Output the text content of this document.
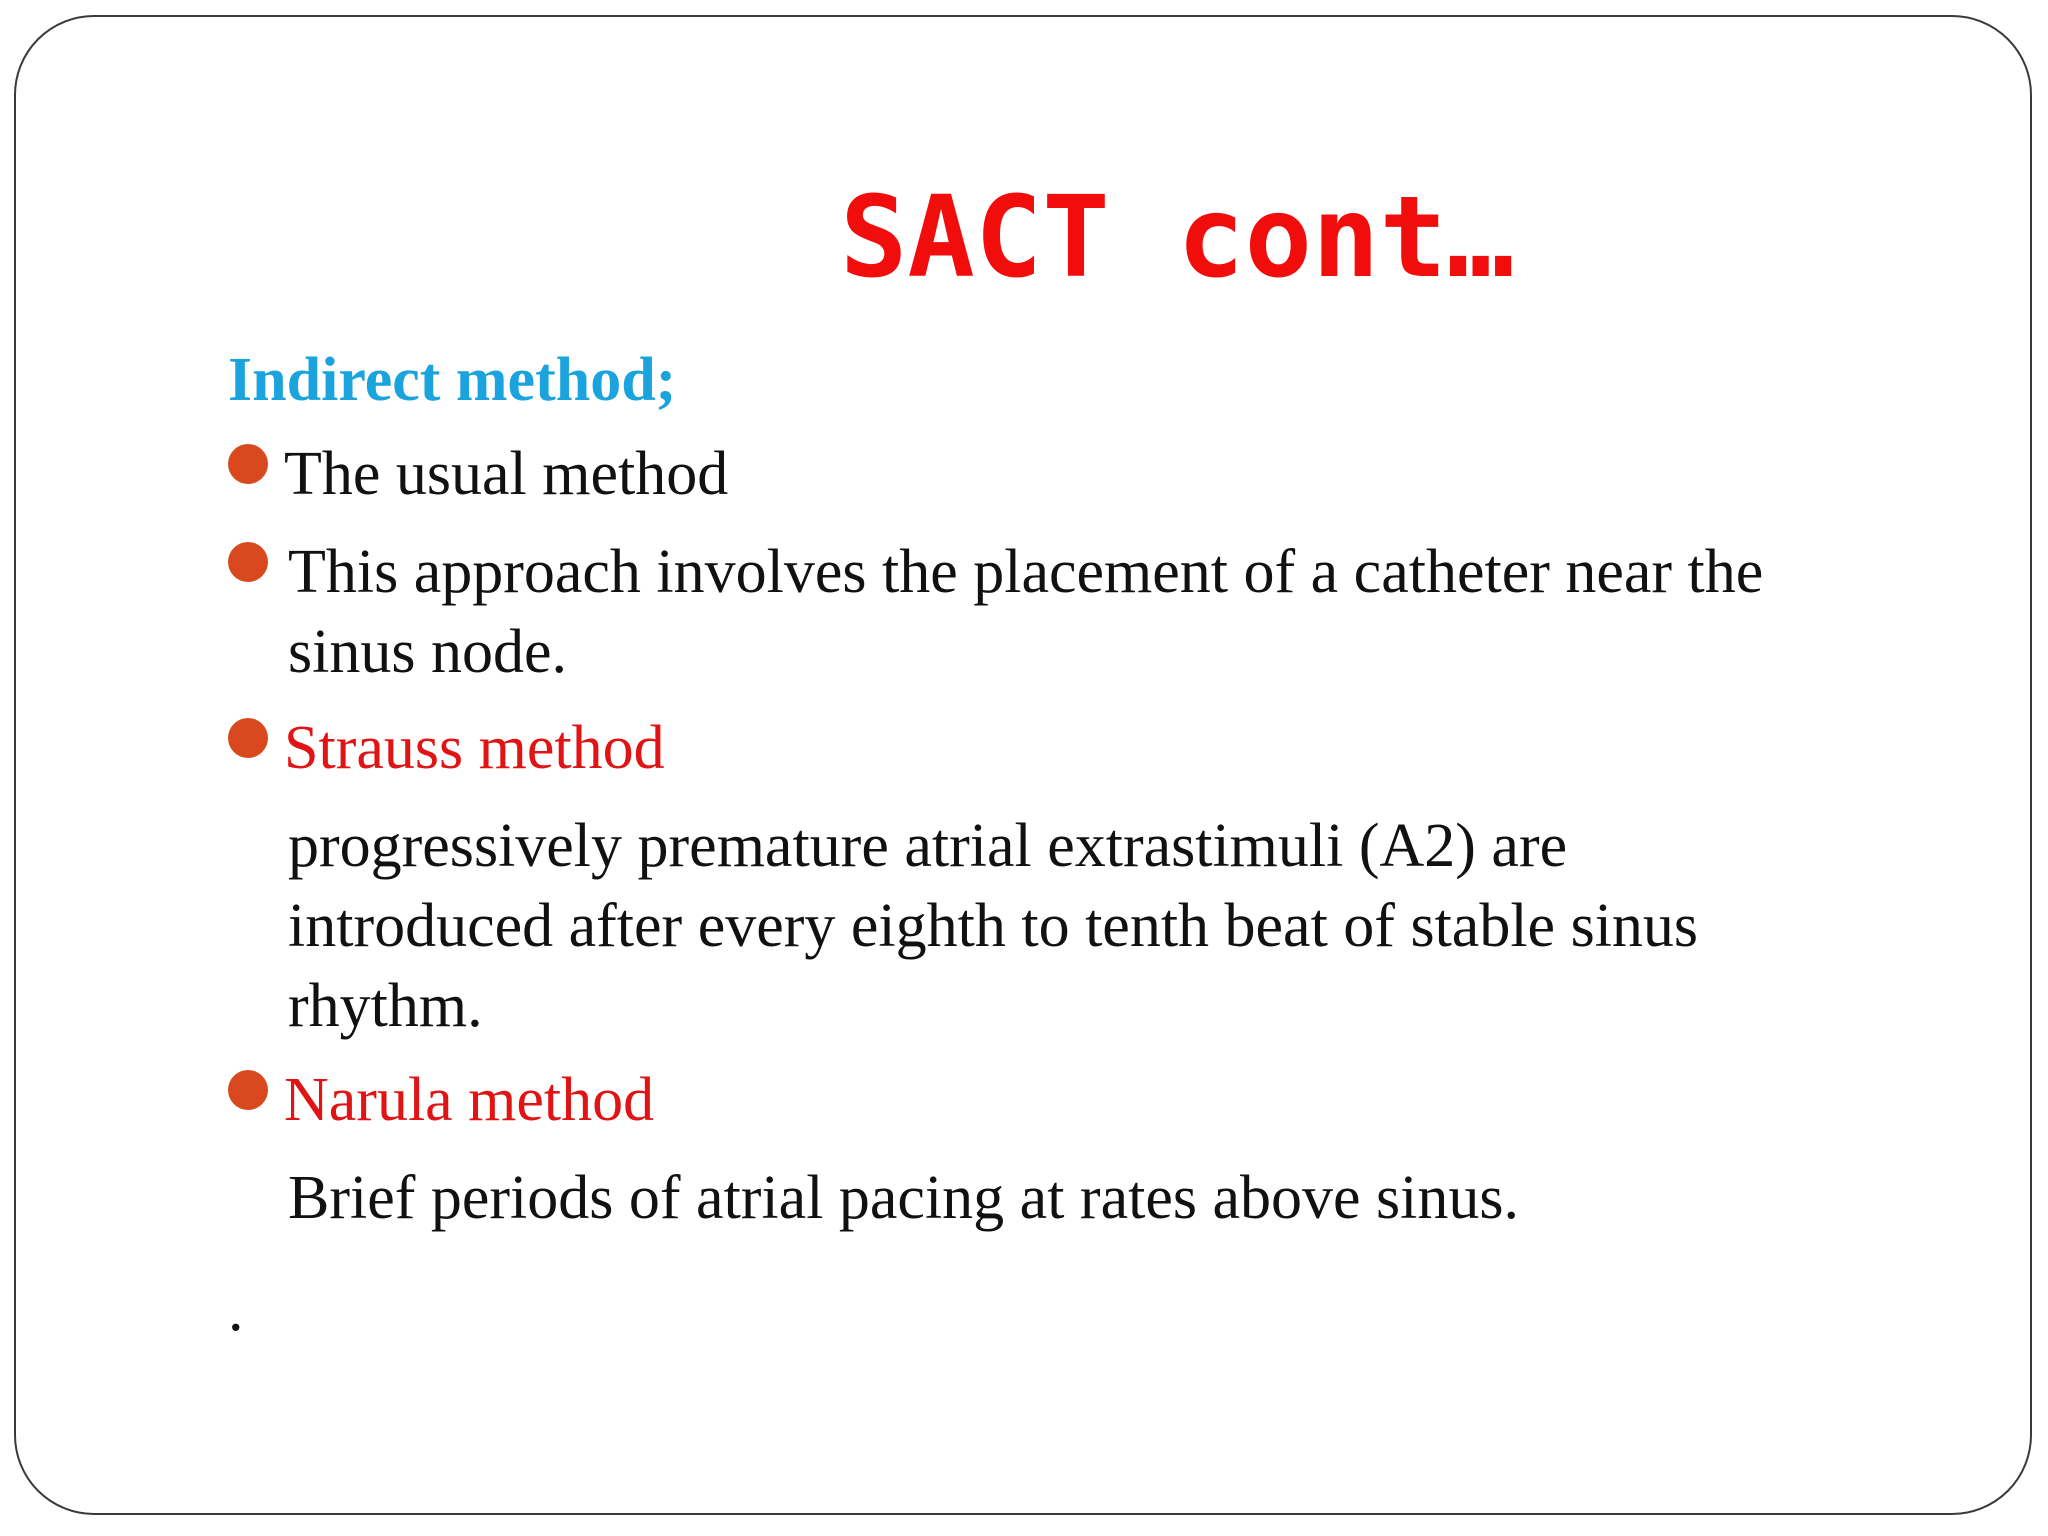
SACT cont…
Indirect method;
The usual method
This approach involves the placement of a catheter near the
sinus node.
Strauss method
progressively premature atrial extrastimuli (A2) are
introduced after every eighth to tenth beat of stable sinus
rhythm.
Narula method
Brief periods of atrial pacing at rates above sinus.
.
